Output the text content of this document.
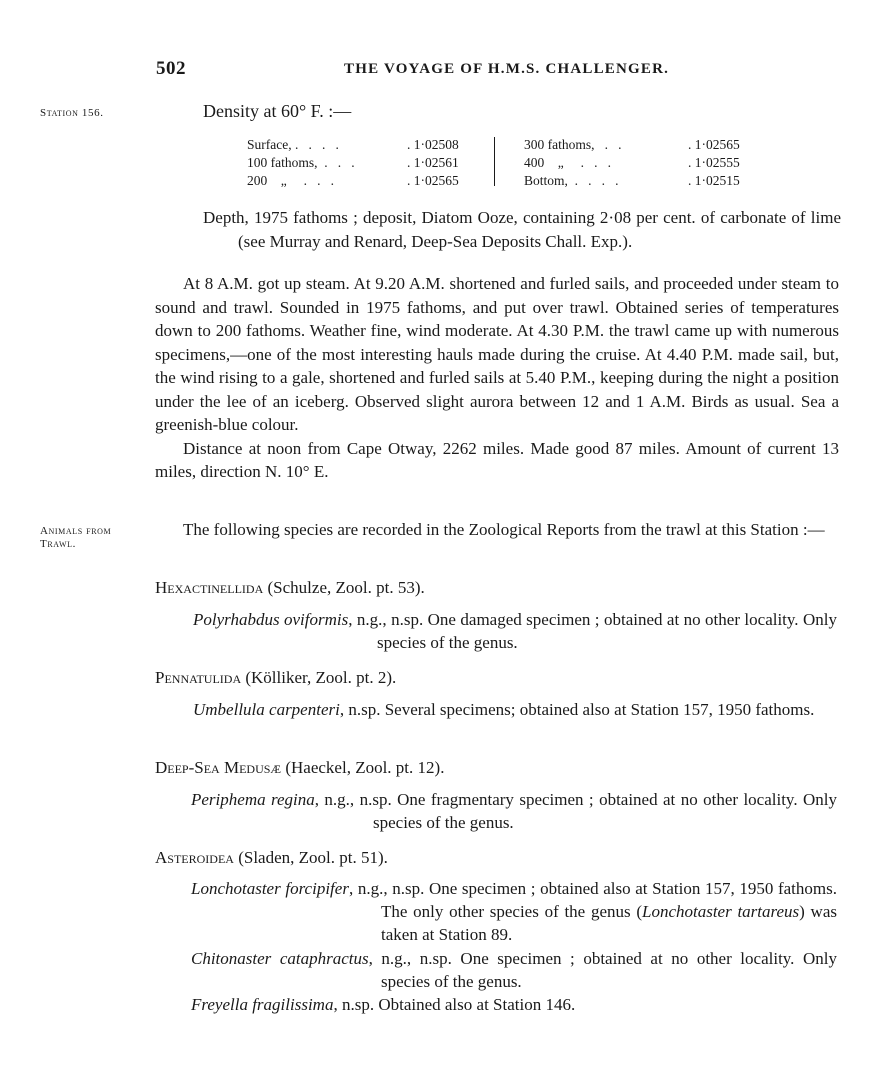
502	THE VOYAGE OF H.M.S. CHALLENGER.
Station 156.	Density at 60° F. :—
Surface, .   .   .   .	. 1·02508
100 fathoms,  .   .   .	. 1·02561
200    „     .   .   .	. 1·02565
300 fathoms,   .   .	. 1·02565
400    „     .   .   .	. 1·02555
Bottom,  .   .   .   .	. 1·02515

Depth, 1975 fathoms ; deposit, Diatom Ooze, containing 2·08 per cent. of carbonate of lime (see Murray and Renard, Deep-Sea Deposits Chall. Exp.).

At 8 A.M. got up steam. At 9.20 A.M. shortened and furled sails, and proceeded under steam to sound and trawl. Sounded in 1975 fathoms, and put over trawl. Obtained series of temperatures down to 200 fathoms. Weather fine, wind moderate. At 4.30 P.M. the trawl came up with numerous specimens,—one of the most interesting hauls made during the cruise. At 4.40 P.M. made sail, but, the wind rising to a gale, shortened and furled sails at 5.40 P.M., keeping during the night a position under the lee of an iceberg. Observed slight aurora between 12 and 1 A.M. Birds as usual. Sea a greenish-blue colour.

Distance at noon from Cape Otway, 2262 miles. Made good 87 miles. Amount of current 13 miles, direction N. 10° E.

Animals from
Trawl.

The following species are recorded in the Zoological Reports from the trawl at this Station :—

Hexactinellida (Schulze, Zool. pt. 53).
Polyrhabdus oviformis, n.g., n.sp. One damaged specimen ; obtained at no other locality. Only species of the genus.
Pennatulida (Kölliker, Zool. pt. 2).
Umbellula carpenteri, n.sp. Several specimens; obtained also at Station 157, 1950 fathoms.
Deep-Sea Medusæ (Haeckel, Zool. pt. 12).
Periphema regina, n.g., n.sp. One fragmentary specimen ; obtained at no other locality. Only species of the genus.
Asteroidea (Sladen, Zool. pt. 51).
Lonchotaster forcipifer, n.g., n.sp. One specimen ; obtained also at Station 157, 1950 fathoms. The only other species of the genus (Lonchotaster tartareus) was taken at Station 89.
Chitonaster cataphractus, n.g., n.sp. One specimen ; obtained at no other locality. Only species of the genus.
Freyella fragilissima, n.sp. Obtained also at Station 146.
